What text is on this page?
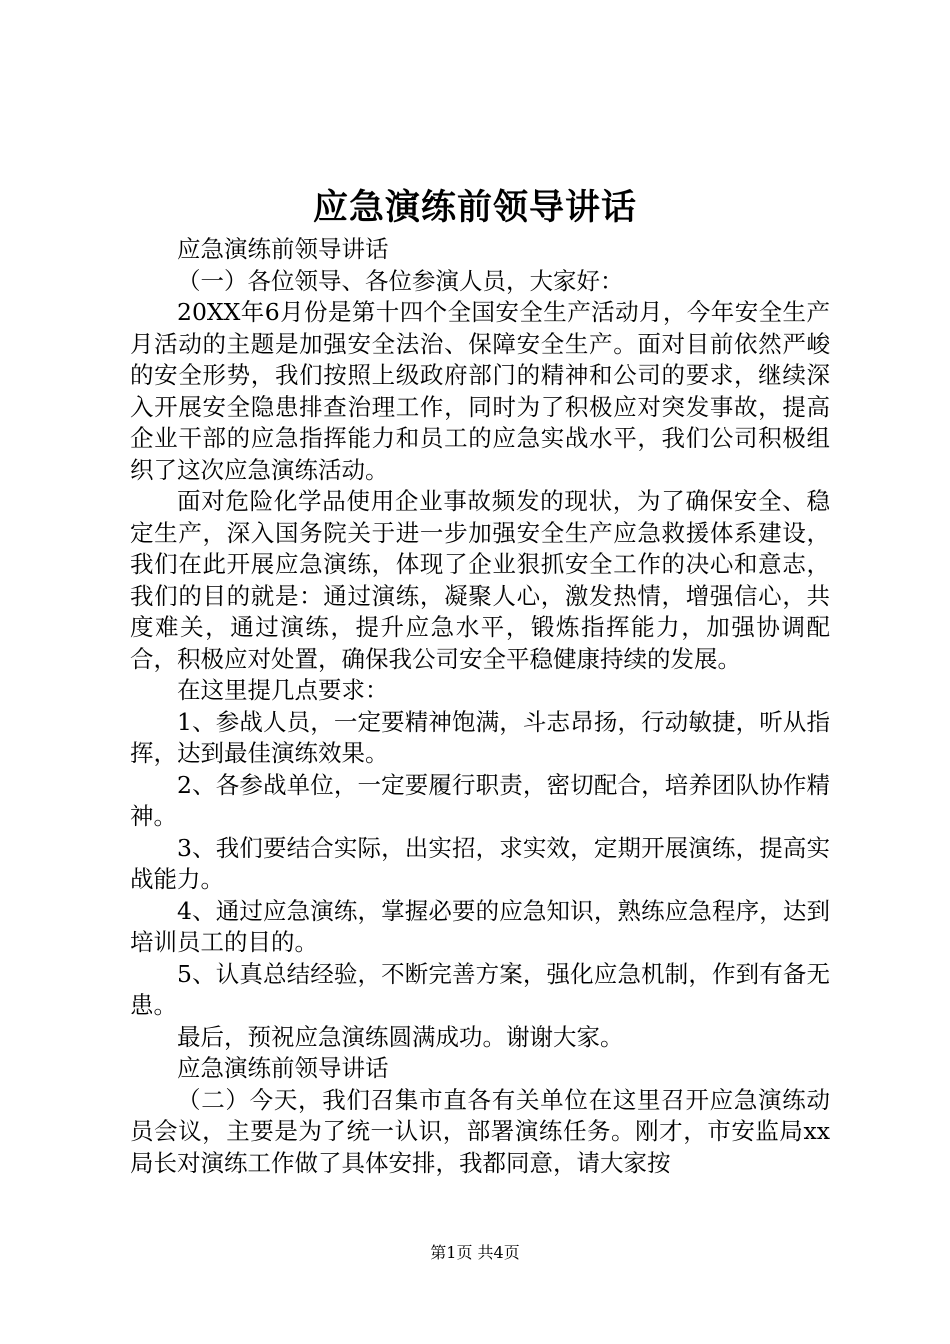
应急演练前领导讲话

应急演练前领导讲话

（一）各位领导、各位参演人员，大家好：

20XX年6月份是第十四个全国安全生产活动月，今年安全生产月活动的主题是加强安全法治、保障安全生产。面对目前依然严峻的安全形势，我们按照上级政府部门的精神和公司的要求，继续深入开展安全隐患排查治理工作，同时为了积极应对突发事故，提高企业干部的应急指挥能力和员工的应急实战水平，我们公司积极组织了这次应急演练活动。

面对危险化学品使用企业事故频发的现状，为了确保安全、稳定生产，深入国务院关于进一步加强安全生产应急救援体系建设，我们在此开展应急演练，体现了企业狠抓安全工作的决心和意志，我们的目的就是：通过演练，凝聚人心，激发热情，增强信心，共度难关，通过演练，提升应急水平，锻炼指挥能力，加强协调配合，积极应对处置，确保我公司安全平稳健康持续的发展。

在这里提几点要求：

1、参战人员，一定要精神饱满，斗志昂扬，行动敏捷，听从指挥，达到最佳演练效果。

2、各参战单位，一定要履行职责，密切配合，培养团队协作精神。

3、我们要结合实际，出实招，求实效，定期开展演练，提高实战能力。

4、通过应急演练，掌握必要的应急知识，熟练应急程序，达到培训员工的目的。

5、认真总结经验，不断完善方案，强化应急机制，作到有备无患。

最后，预祝应急演练圆满成功。谢谢大家。

应急演练前领导讲话

（二）今天，我们召集市直各有关单位在这里召开应急演练动员会议，主要是为了统一认识，部署演练任务。刚才，市安监局xx局长对演练工作做了具体安排，我都同意，请大家按

第1页 共4页
